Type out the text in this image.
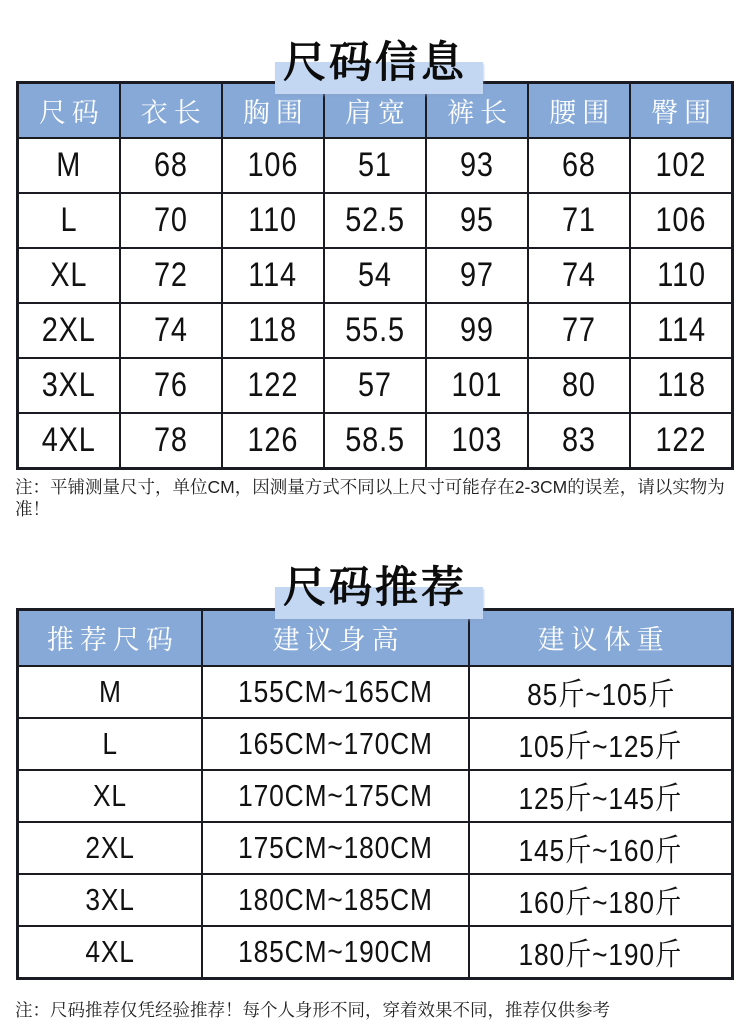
尺码信息
尺码	衣长	胸围	肩宽	裤长	腰围	臀围
M	68	106	51	93	68	102
L	70	110	52.5	95	71	106
XL	72	114	54	97	74	110
2XL	74	118	55.5	99	77	114
3XL	76	122	57	101	80	118
4XL	78	126	58.5	103	83	122

注：平铺测量尺寸，单位CM，因测量方式不同以上尺寸可能存在2-3CM的误差，请以实物为准！

尺码推荐
推荐尺码	建议身高	建议体重
M	155CM~165CM	85斤~105斤
L	165CM~170CM	105斤~125斤
XL	170CM~175CM	125斤~145斤
2XL	175CM~180CM	145斤~160斤
3XL	180CM~185CM	160斤~180斤
4XL	185CM~190CM	180斤~190斤

注：尺码推荐仅凭经验推荐！每个人身形不同，穿着效果不同，推荐仅供参考
